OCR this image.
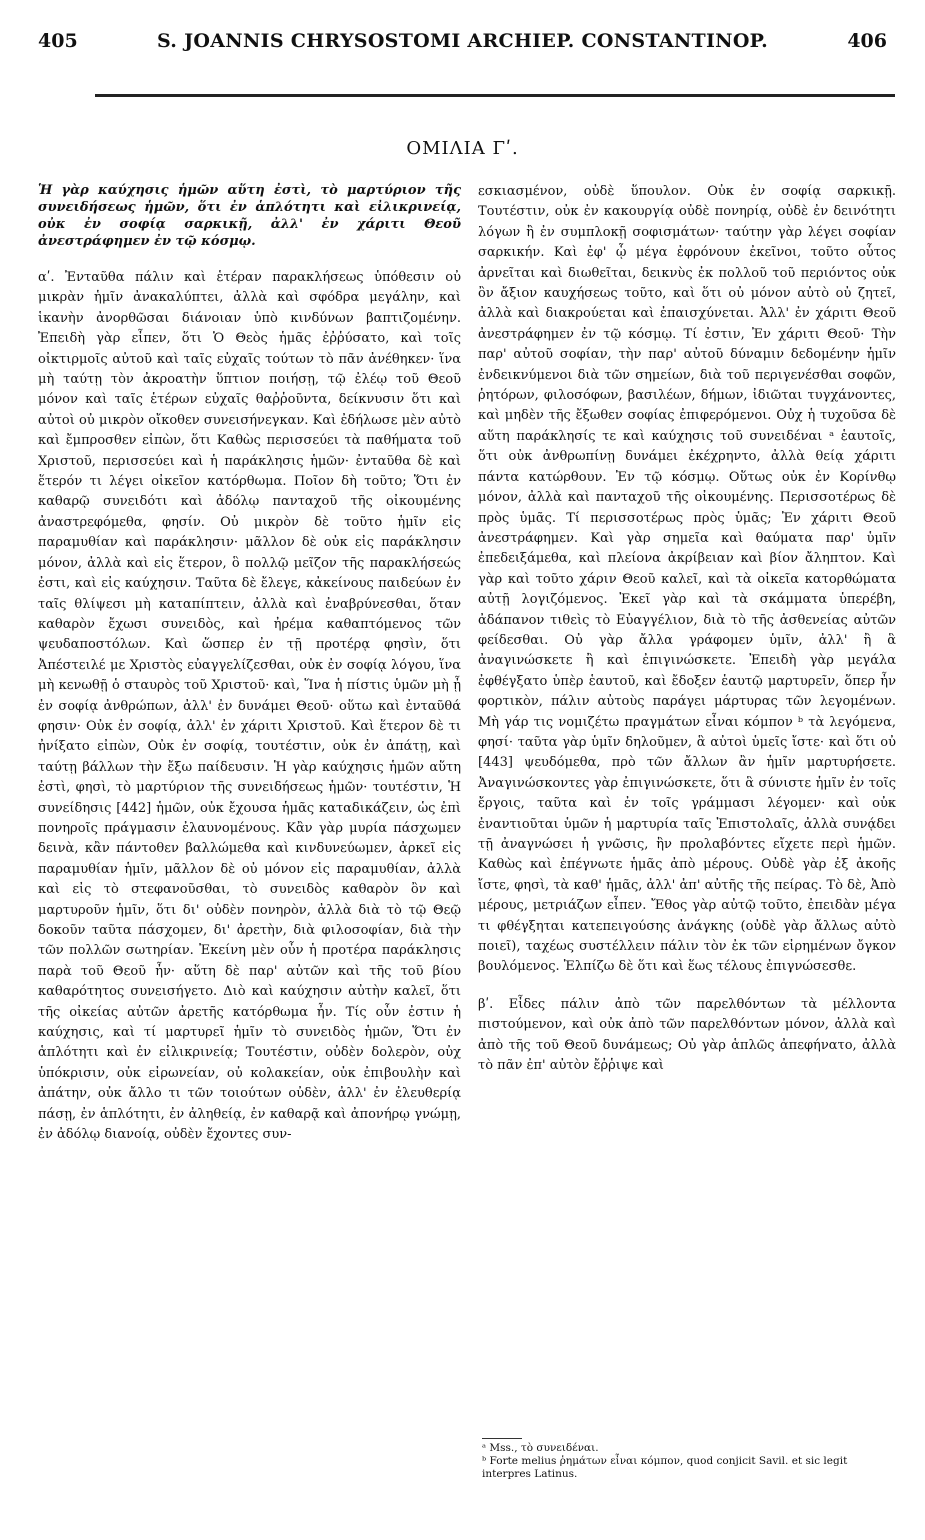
405	S. JOANNIS CHRYSOSTOMI ARCHIEP. CONSTANTINOP.	406
ΟΜΙΛΙΑ Γʹ.

Ἡ γὰρ καύχησις ἡμῶν αὕτη ἐστὶ, τὸ μαρτύριον τῆς συνειδήσεως ἡμῶν, ὅτι ἐν ἁπλότητι καὶ εἰλικρινείᾳ, οὐκ ἐν σοφίᾳ σαρκικῇ, ἀλλ' ἐν χάριτι Θεοῦ ἀνεστράφημεν ἐν τῷ κόσμῳ.

αʹ. Ἐνταῦθα πάλιν καὶ ἑτέραν παρακλήσεως ὑπόθεσιν οὐ μικρὰν ἡμῖν ἀνακαλύπτει, ἀλλὰ καὶ σφόδρα μεγάλην, καὶ ἱκανὴν ἀνορθῶσαι διάνοιαν ὑπὸ κινδύνων βαπτιζομένην. Ἐπειδὴ γὰρ εἶπεν, ὅτι Ὁ Θεὸς ἡμᾶς ἐῤῥύσατο, καὶ τοῖς οἰκτιρμοῖς αὐτοῦ καὶ ταῖς εὐχαῖς τούτων τὸ πᾶν ἀνέθηκεν· ἵνα μὴ ταύτῃ τὸν ἀκροατὴν ὕπτιον ποιήσῃ, τῷ ἐλέῳ τοῦ Θεοῦ μόνον καὶ ταῖς ἑτέρων εὐχαῖς θαῤῥοῦντα, δείκνυσιν ὅτι καὶ αὐτοὶ οὐ μικρὸν οἴκοθεν συνεισήνεγκαν. Καὶ ἐδήλωσε μὲν αὐτὸ καὶ ἔμπροσθεν εἰπὼν, ὅτι Καθὼς περισσεύει τὰ παθήματα τοῦ Χριστοῦ, περισσεύει καὶ ἡ παράκλησις ἡμῶν· ἐνταῦθα δὲ καὶ ἕτερόν τι λέγει οἰκεῖον κατόρθωμα. Ποῖον δὴ τοῦτο; Ὅτι ἐν καθαρῷ συνειδότι καὶ ἀδόλῳ πανταχοῦ τῆς οἰκουμένης ἀναστρεφόμεθα, φησίν. Οὐ μικρὸν δὲ τοῦτο ἡμῖν εἰς παραμυθίαν καὶ παράκλησιν· μᾶλλον δὲ οὐκ εἰς παράκλησιν μόνον, ἀλλὰ καὶ εἰς ἕτερον, ὃ πολλῷ μεῖζον τῆς παρακλήσεώς ἐστι, καὶ εἰς καύχησιν. Ταῦτα δὲ ἔλεγε, κἀκείνους παιδεύων ἐν ταῖς θλίψεσι μὴ καταπίπτειν, ἀλλὰ καὶ ἐναβρύνεσθαι, ὅταν καθαρὸν ἔχωσι συνειδὸς, καὶ ἠρέμα καθαπτόμενος τῶν ψευδαποστόλων. Καὶ ὥσπερ ἐν τῇ προτέρᾳ φησὶν, ὅτι Ἀπέστειλέ με Χριστὸς εὐαγγελίζεσθαι, οὐκ ἐν σοφίᾳ λόγου, ἵνα μὴ κενωθῇ ὁ σταυρὸς τοῦ Χριστοῦ· καὶ, Ἵνα ἡ πίστις ὑμῶν μὴ ᾖ ἐν σοφίᾳ ἀνθρώπων, ἀλλ' ἐν δυνάμει Θεοῦ· οὕτω καὶ ἐνταῦθά φησιν· Οὐκ ἐν σοφίᾳ, ἀλλ' ἐν χάριτι Χριστοῦ. Καὶ ἕτερον δὲ τι ἠνίξατο εἰπὼν, Οὐκ ἐν σοφίᾳ, τουτέστιν, οὐκ ἐν ἀπάτῃ, καὶ ταύτῃ βάλλων τὴν ἔξω παίδευσιν. Ἡ γὰρ καύχησις ἡμῶν αὕτη ἐστὶ, φησὶ, τὸ μαρτύριον τῆς συνειδήσεως ἡμῶν· τουτέστιν, Ἡ συνείδησις [442] ἡμῶν, οὐκ ἔχουσα ἡμᾶς καταδικάζειν, ὡς ἐπὶ πονηροῖς πράγμασιν ἐλαυνομένους. Κἂν γὰρ μυρία πάσχωμεν δεινὰ, κἂν πάντοθεν βαλλώμεθα καὶ κινδυνεύωμεν, ἀρκεῖ εἰς παραμυθίαν ἡμῖν, μᾶλλον δὲ οὐ μόνον εἰς παραμυθίαν, ἀλλὰ καὶ εἰς τὸ στεφανοῦσθαι, τὸ συνειδὸς καθαρὸν ὂν καὶ μαρτυροῦν ἡμῖν, ὅτι δι' οὐδὲν πονηρὸν, ἀλλὰ διὰ τὸ τῷ Θεῷ δοκοῦν ταῦτα πάσχομεν, δι' ἀρετὴν, διὰ φιλοσοφίαν, διὰ τὴν τῶν πολλῶν σωτηρίαν. Ἐκείνη μὲν οὖν ἡ προτέρα παράκλησις παρὰ τοῦ Θεοῦ ἦν· αὕτη δὲ παρ' αὐτῶν καὶ τῆς τοῦ βίου καθαρότητος συνεισήγετο. Διὸ καὶ καύχησιν αὐτὴν καλεῖ, ὅτι τῆς οἰκείας αὐτῶν ἀρετῆς κατόρθωμα ἦν. Τίς οὖν ἐστιν ἡ καύχησις, καὶ τί μαρτυρεῖ ἡμῖν τὸ συνειδὸς ἡμῶν, Ὅτι ἐν ἁπλότητι καὶ ἐν εἰλικρινείᾳ; Τουτέστιν, οὐδὲν δολερὸν, οὐχ ὑπόκρισιν, οὐκ εἰρωνείαν, οὐ κολακείαν, οὐκ ἐπιβουλὴν καὶ ἀπάτην, οὐκ ἄλλο τι τῶν τοιούτων οὐδὲν, ἀλλ' ἐν ἐλευθερίᾳ πάσῃ, ἐν ἁπλότητι, ἐν ἀληθείᾳ, ἐν καθαρᾷ καὶ ἀπονήρῳ γνώμῃ, ἐν ἀδόλῳ διανοίᾳ, οὐδὲν ἔχοντες συν-

εσκιασμένον, οὐδὲ ὕπουλον. Οὐκ ἐν σοφίᾳ σαρκικῇ. Τουτέστιν, οὐκ ἐν κακουργίᾳ οὐδὲ πονηρίᾳ, οὐδὲ ἐν δεινότητι λόγων ἢ ἐν συμπλοκῇ σοφισμάτων· ταύτην γὰρ λέγει σοφίαν σαρκικήν. Καὶ ἐφ' ᾧ μέγα ἐφρόνουν ἐκεῖνοι, τοῦτο οὗτος ἀρνεῖται καὶ διωθεῖται, δεικνὺς ἐκ πολλοῦ τοῦ περιόντος οὐκ ὂν ἄξιον καυχήσεως τοῦτο, καὶ ὅτι οὐ μόνον αὐτὸ οὐ ζητεῖ, ἀλλὰ καὶ διακρούεται καὶ ἐπαισχύνεται. Ἀλλ' ἐν χάριτι Θεοῦ ἀνεστράφημεν ἐν τῷ κόσμῳ. Τί ἐστιν, Ἐν χάριτι Θεοῦ· Τὴν παρ' αὐτοῦ σοφίαν, τὴν παρ' αὐτοῦ δύναμιν δεδομένην ἡμῖν ἐνδεικνύμενοι διὰ τῶν σημείων, διὰ τοῦ περιγενέσθαι σοφῶν, ῥητόρων, φιλοσόφων, βασιλέων, δήμων, ἰδιῶται τυγχάνοντες, καὶ μηδὲν τῆς ἔξωθεν σοφίας ἐπιφερόμενοι. Οὐχ ἡ τυχοῦσα δὲ αὕτη παράκλησίς τε καὶ καύχησις τοῦ συνειδέναι ᵃ ἑαυτοῖς, ὅτι οὐκ ἀνθρωπίνῃ δυνάμει ἐκέχρηντο, ἀλλὰ θείᾳ χάριτι πάντα κατώρθουν. Ἐν τῷ κόσμῳ. Οὕτως οὐκ ἐν Κορίνθῳ μόνον, ἀλλὰ καὶ πανταχοῦ τῆς οἰκουμένης. Περισσοτέρως δὲ πρὸς ὑμᾶς. Τί περισσοτέρως πρὸς ὑμᾶς; Ἐν χάριτι Θεοῦ ἀνεστράφημεν. Καὶ γὰρ σημεῖα καὶ θαύματα παρ' ὑμῖν ἐπεδειξάμεθα, καὶ πλείονα ἀκρίβειαν καὶ βίον ἄληπτον. Καὶ γὰρ καὶ τοῦτο χάριν Θεοῦ καλεῖ, καὶ τὰ οἰκεῖα κατορθώματα αὐτῇ λογιζόμενος. Ἐκεῖ γὰρ καὶ τὰ σκάμματα ὑπερέβη, ἀδάπανον τιθεὶς τὸ Εὐαγγέλιον, διὰ τὸ τῆς ἀσθενείας αὐτῶν φείδεσθαι. Οὐ γὰρ ἄλλα γράφομεν ὑμῖν, ἀλλ' ἢ ἃ ἀναγινώσκετε ἢ καὶ ἐπιγινώσκετε. Ἐπειδὴ γὰρ μεγάλα ἐφθέγξατο ὑπὲρ ἑαυτοῦ, καὶ ἔδοξεν ἑαυτῷ μαρτυρεῖν, ὅπερ ἦν φορτικὸν, πάλιν αὐτοὺς παράγει μάρτυρας τῶν λεγομένων. Μὴ γάρ τις νομιζέτω πραγμάτων εἶναι κόμπον ᵇ τὰ λεγόμενα, φησί· ταῦτα γὰρ ὑμῖν δηλοῦμεν, ἃ αὐτοὶ ὑμεῖς ἴστε· καὶ ὅτι οὐ [443] ψευδόμεθα, πρὸ τῶν ἄλλων ἂν ἡμῖν μαρτυρήσετε. Ἀναγινώσκοντες γὰρ ἐπιγινώσκετε, ὅτι ἃ σύνιστε ἡμῖν ἐν τοῖς ἔργοις, ταῦτα καὶ ἐν τοῖς γράμμασι λέγομεν· καὶ οὐκ ἐναντιοῦται ὑμῶν ἡ μαρτυρία ταῖς Ἐπιστολαῖς, ἀλλὰ συνᾴδει τῇ ἀναγνώσει ἡ γνῶσις, ἣν προλαβόντες εἴχετε περὶ ἡμῶν. Καθὼς καὶ ἐπέγνωτε ἡμᾶς ἀπὸ μέρους. Οὐδὲ γὰρ ἐξ ἀκοῆς ἴστε, φησὶ, τὰ καθ' ἡμᾶς, ἀλλ' ἀπ' αὐτῆς τῆς πείρας. Τὸ δὲ, Ἀπὸ μέρους, μετριάζων εἶπεν. Ἔθος γὰρ αὐτῷ τοῦτο, ἐπειδὰν μέγα τι φθέγξηται κατεπειγούσης ἀνάγκης (οὐδὲ γὰρ ἄλλως αὐτὸ ποιεῖ), ταχέως συστέλλειν πάλιν τὸν ἐκ τῶν εἰρημένων ὄγκον βουλόμενος. Ἐλπίζω δὲ ὅτι καὶ ἕως τέλους ἐπιγνώσεσθε.

βʹ. Εἶδες πάλιν ἀπὸ τῶν παρελθόντων τὰ μέλλοντα πιστούμενον, καὶ οὐκ ἀπὸ τῶν παρελθόντων μόνον, ἀλλὰ καὶ ἀπὸ τῆς τοῦ Θεοῦ δυνάμεως; Οὐ γὰρ ἁπλῶς ἀπεφήνατο, ἀλλὰ τὸ πᾶν ἐπ' αὐτὸν ἔῤῥιψε καὶ

ᵃ Mss., τὸ συνειδέναι.
ᵇ Forte melius ῥημάτων εἶναι κόμπον, quod conjicit Savil. et sic legit interpres Latinus.
